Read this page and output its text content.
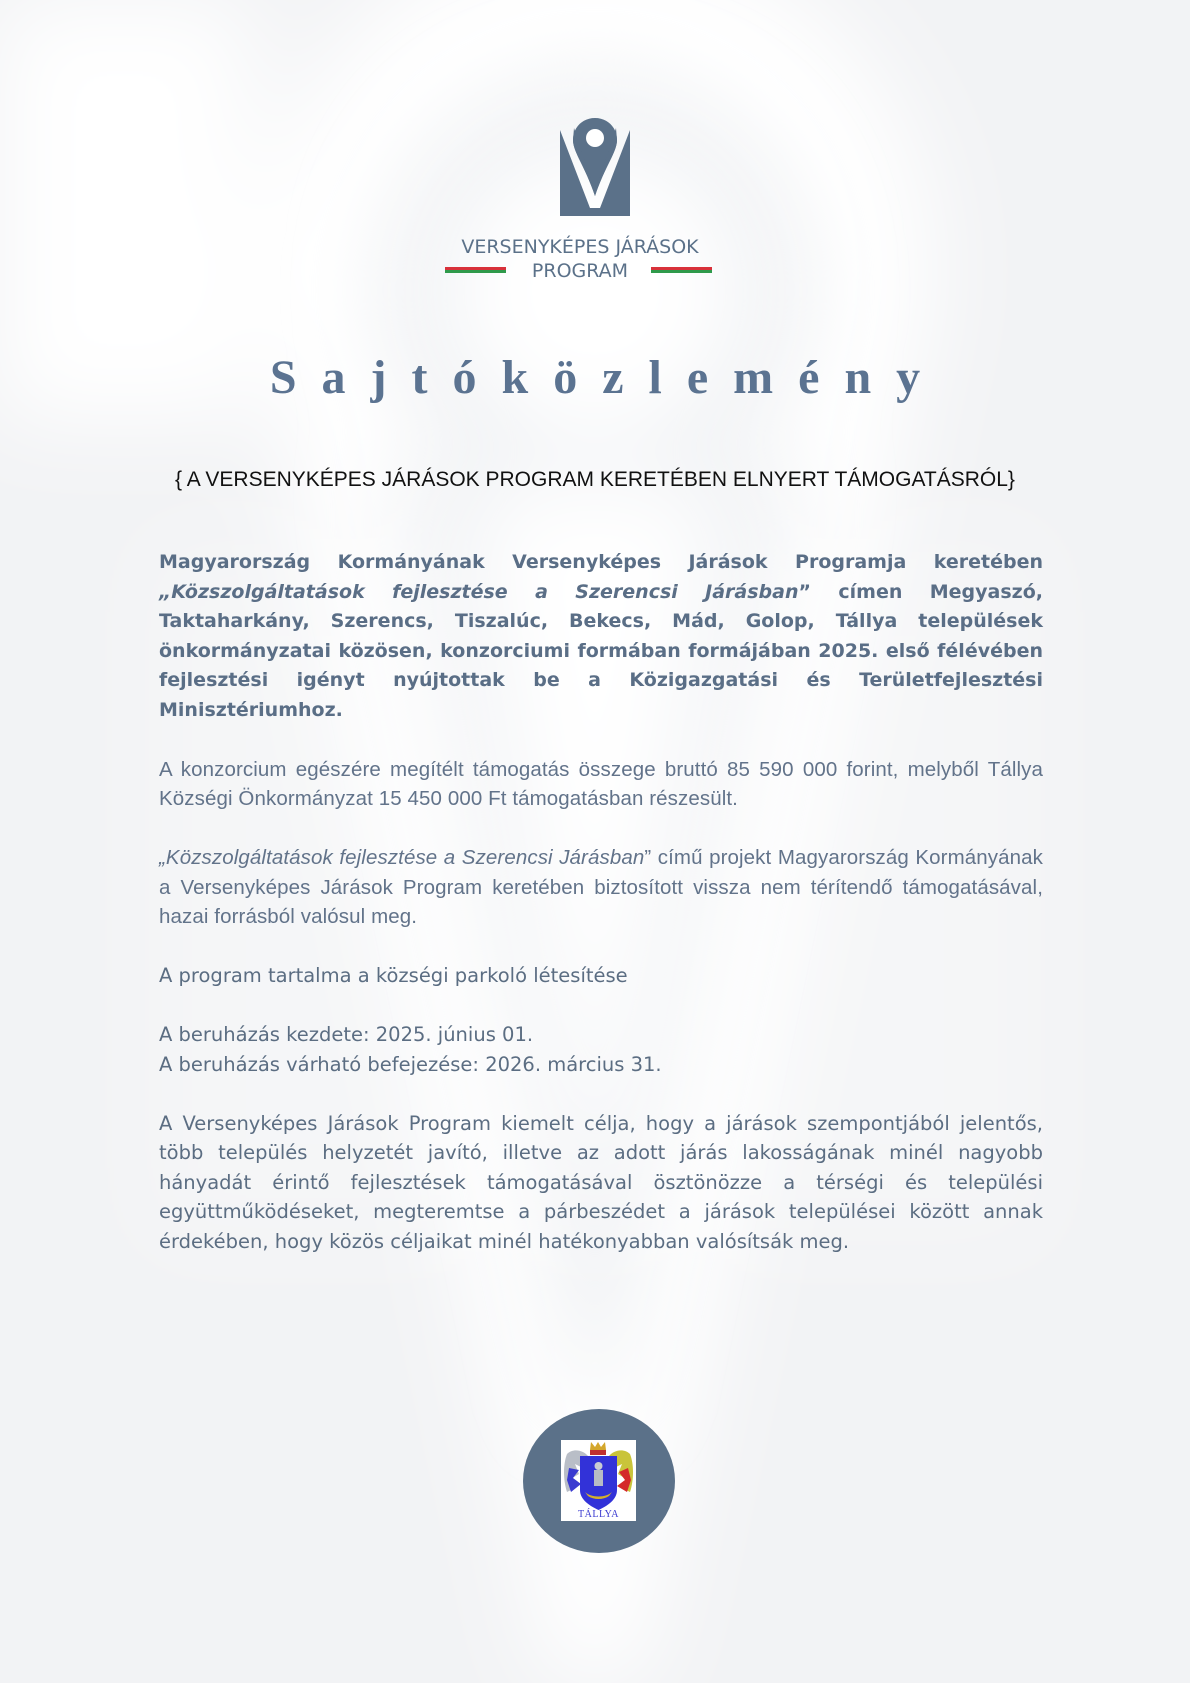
VERSENYKÉPES JÁRÁSOK
PROGRAM
Sajtóközlemény
{ A VERSENYKÉPES JÁRÁSOK PROGRAM KERETÉBEN ELNYERT TÁMOGATÁSRÓL}

Magyarország Kormányának Versenyképes Járások Programja keretében „Közszolgáltatások fejlesztése a Szerencsi Járásban” címen Megyaszó, Taktaharkány, Szerencs, Tiszalúc, Bekecs, Mád, Golop, Tállya települések önkormányzatai közösen, konzorciumi formában formájában 2025. első félévében fejlesztési igényt nyújtottak be a Közigazgatási és Területfejlesztési Minisztériumhoz.

A konzorcium egészére megítélt támogatás összege bruttó 85 590 000 forint, melyből Tállya Községi Önkormányzat 15 450 000 Ft támogatásban részesült.

„Közszolgáltatások fejlesztése a Szerencsi Járásban” című projekt Magyarország Kormányának a Versenyképes Járások Program keretében biztosított vissza nem térítendő támogatásával, hazai forrásból valósul meg.

A program tartalma a községi parkoló létesítése

A beruházás kezdete: 2025. június 01.
A beruházás várható befejezése: 2026. március 31.

A Versenyképes Járások Program kiemelt célja, hogy a járások szempontjából jelentős, több település helyzetét javító, illetve az adott járás lakosságának minél nagyobb hányadát érintő fejlesztések támogatásával ösztönözze a térségi és települési együttműködéseket, megteremtse a párbeszédet a járások települései között annak érdekében, hogy közös céljaikat minél hatékonyabban valósítsák meg.

TÁLLYA
